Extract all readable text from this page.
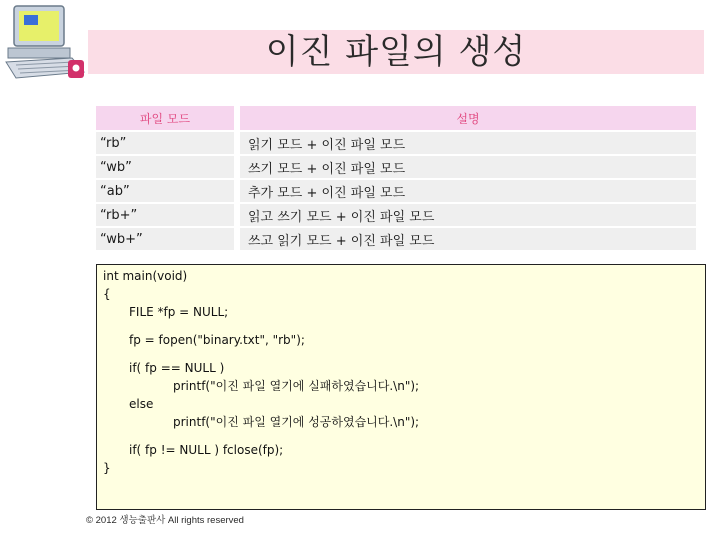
이진 파일의 생성
파일 모드		설명
“rb”		읽기 모드 + 이진 파일 모드
“wb”		쓰기 모드 + 이진 파일 모드
“ab”		추가 모드 + 이진 파일 모드
“rb+”		읽고 쓰기 모드 + 이진 파일 모드
“wb+”		쓰고 읽기 모드 + 이진 파일 모드
int main(void)
{
FILE *fp = NULL;
fp = fopen("binary.txt", "rb");
if( fp == NULL )
printf("이진 파일 열기에 실패하였습니다.\n");
else
printf("이진 파일 열기에 성공하였습니다.\n");
if( fp != NULL ) fclose(fp);
}
© 2012 생능출판사 All rights reserved
